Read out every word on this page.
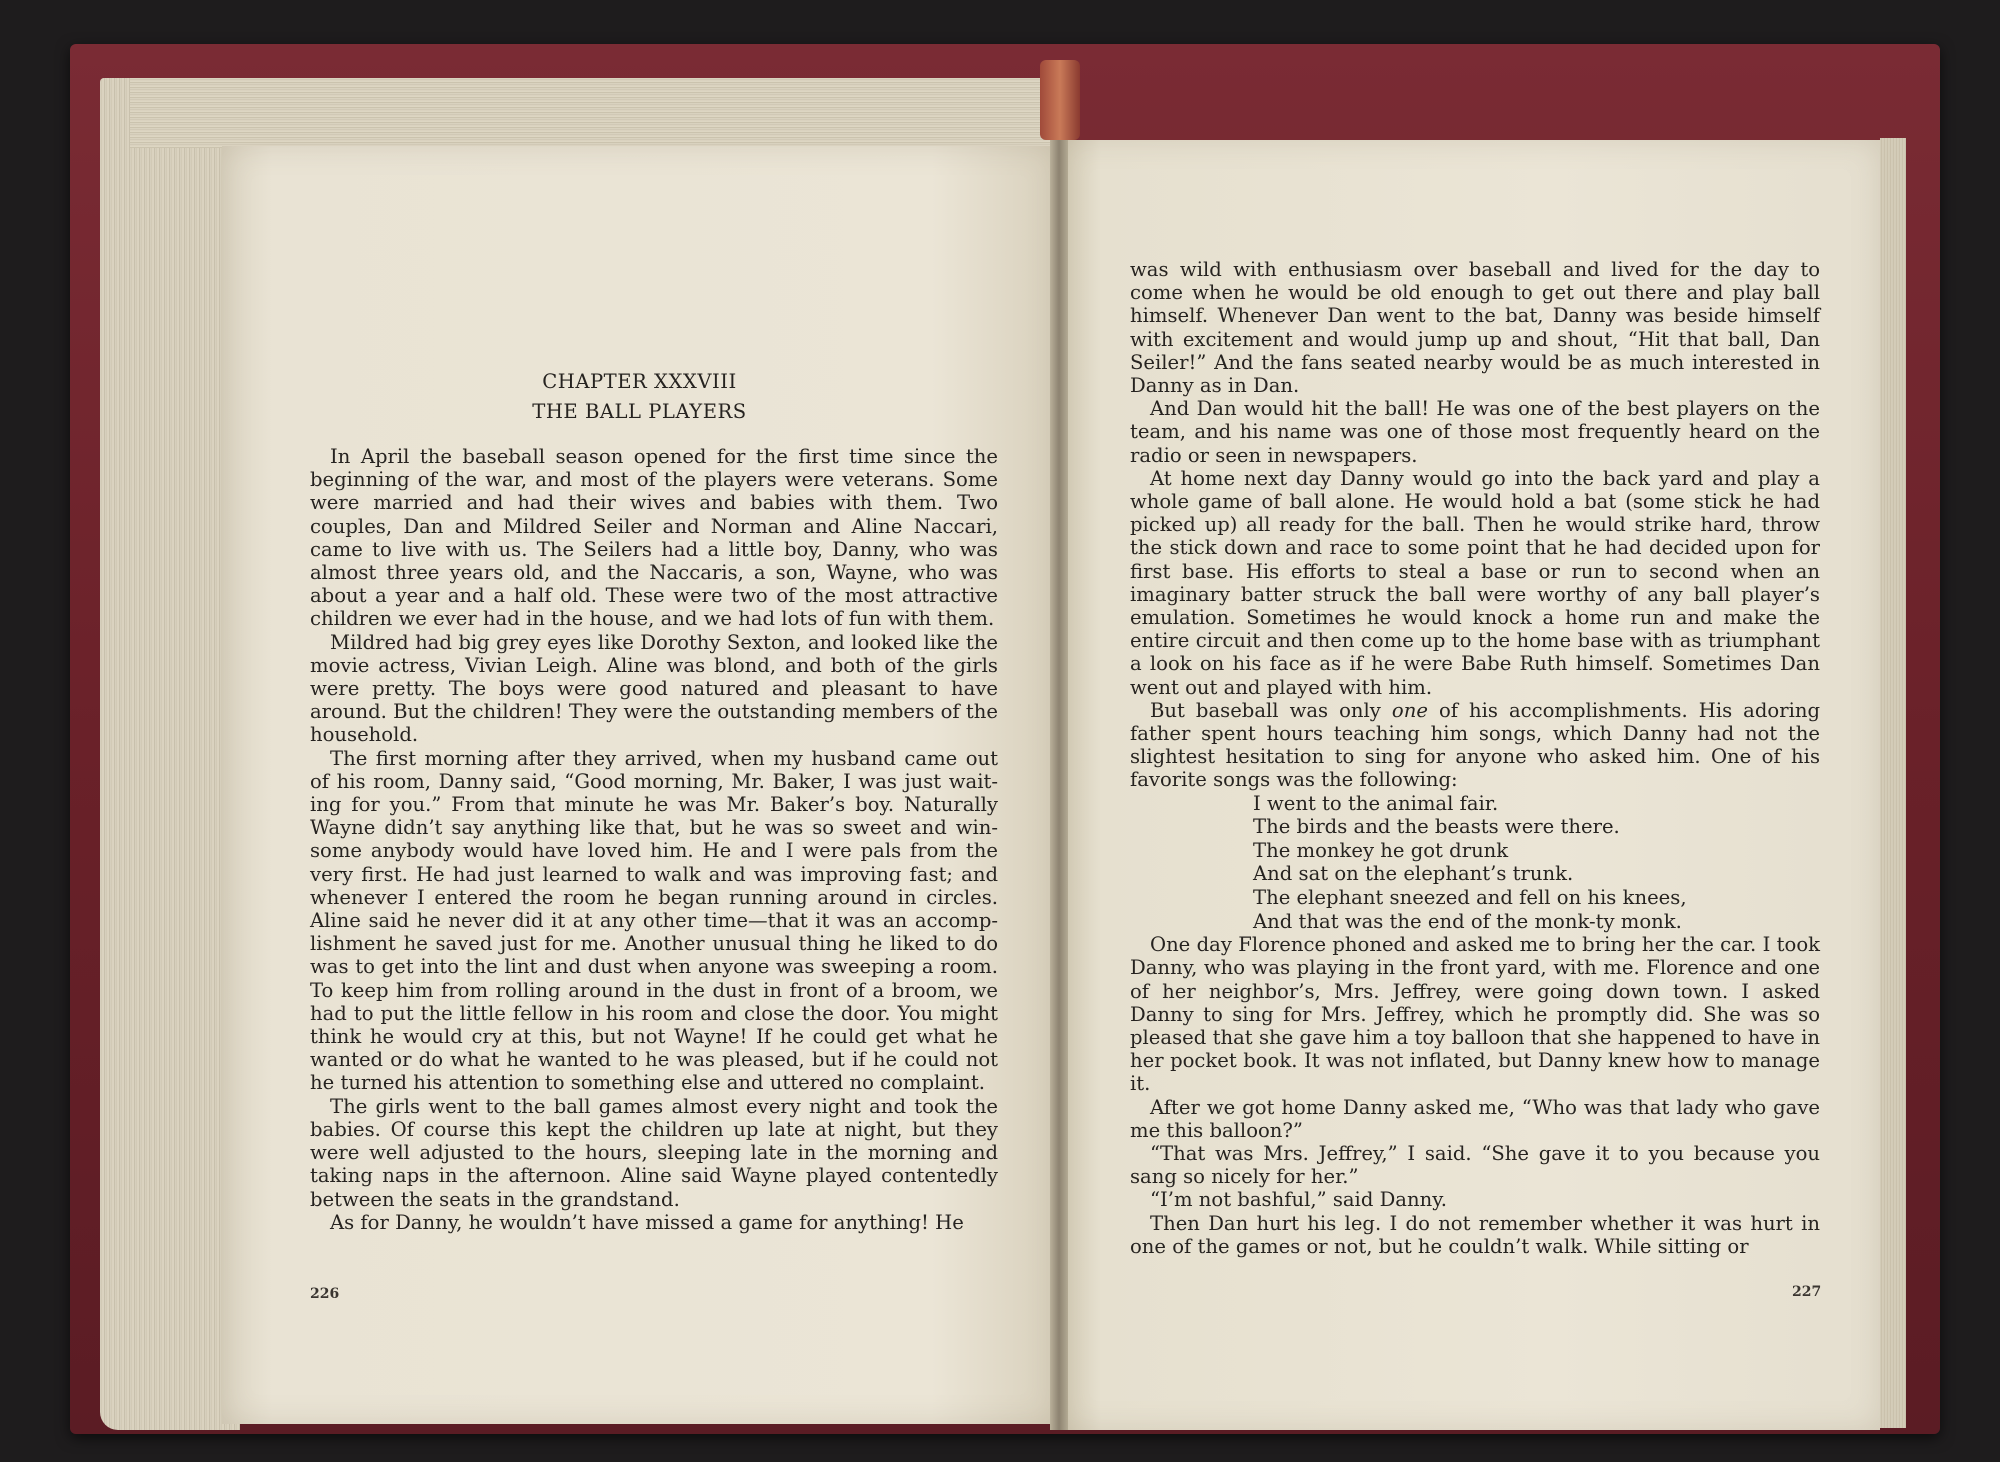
CHAPTER XXXVIII
THE BALL PLAYERS

In April the baseball season opened for the first time since the beginning of the war, and most of the players were veterans. Some were married and had their wives and babies with them. Two couples, Dan and Mildred Seiler and Norman and Aline Naccari, came to live with us. The Seilers had a little boy, Danny, who was almost three years old, and the Naccaris, a son, Wayne, who was about a year and a half old. These were two of the most attractive children we ever had in the house, and we had lots of fun with them.

Mildred had big grey eyes like Dorothy Sexton, and looked like the movie actress, Vivian Leigh. Aline was blond, and both of the girls were pretty. The boys were good natured and pleasant to have around. But the children! They were the outstanding members of the household.

The first morning after they arrived, when my husband came out of his room, Danny said, “Good morning, Mr. Baker, I was just wait-ing for you.” From that minute he was Mr. Baker’s boy. Naturally Wayne didn’t say anything like that, but he was so sweet and win-some anybody would have loved him. He and I were pals from the very first. He had just learned to walk and was improving fast; and whenever I entered the room he began running around in circles. Aline said he never did it at any other time—that it was an accomp-lishment he saved just for me. Another unusual thing he liked to do was to get into the lint and dust when anyone was sweeping a room. To keep him from rolling around in the dust in front of a broom, we had to put the little fellow in his room and close the door. You might think he would cry at this, but not Wayne! If he could get what he wanted or do what he wanted to he was pleased, but if he could not he turned his attention to something else and uttered no complaint.

The girls went to the ball games almost every night and took the babies. Of course this kept the children up late at night, but they were well adjusted to the hours, sleeping late in the morning and taking naps in the afternoon. Aline said Wayne played contentedly between the seats in the grandstand.

As for Danny, he wouldn’t have missed a game for anything! He

226

was wild with enthusiasm over baseball and lived for the day to come when he would be old enough to get out there and play ball himself. Whenever Dan went to the bat, Danny was beside himself with excitement and would jump up and shout, “Hit that ball, Dan Seiler!” And the fans seated nearby would be as much interested in Danny as in Dan.

And Dan would hit the ball! He was one of the best players on the team, and his name was one of those most frequently heard on the radio or seen in newspapers.

At home next day Danny would go into the back yard and play a whole game of ball alone. He would hold a bat (some stick he had picked up) all ready for the ball. Then he would strike hard, throw the stick down and race to some point that he had decided upon for first base. His efforts to steal a base or run to second when an imaginary batter struck the ball were worthy of any ball player’s emulation. Sometimes he would knock a home run and make the entire circuit and then come up to the home base with as triumphant a look on his face as if he were Babe Ruth himself. Sometimes Dan went out and played with him.

But baseball was only one of his accomplishments. His adoring father spent hours teaching him songs, which Danny had not the slightest hesitation to sing for anyone who asked him. One of his favorite songs was the following:

I went to the animal fair.
The birds and the beasts were there.
The monkey he got drunk
And sat on the elephant’s trunk.
The elephant sneezed and fell on his knees,
And that was the end of the monk-ty monk.

One day Florence phoned and asked me to bring her the car. I took Danny, who was playing in the front yard, with me. Florence and one of her neighbor’s, Mrs. Jeffrey, were going down town. I asked Danny to sing for Mrs. Jeffrey, which he promptly did. She was so pleased that she gave him a toy balloon that she happened to have in her pocket book. It was not inflated, but Danny knew how to manage it.

After we got home Danny asked me, “Who was that lady who gave me this balloon?”

“That was Mrs. Jeffrey,” I said. “She gave it to you because you sang so nicely for her.”

“I’m not bashful,” said Danny.

Then Dan hurt his leg. I do not remember whether it was hurt in one of the games or not, but he couldn’t walk. While sitting or

227
